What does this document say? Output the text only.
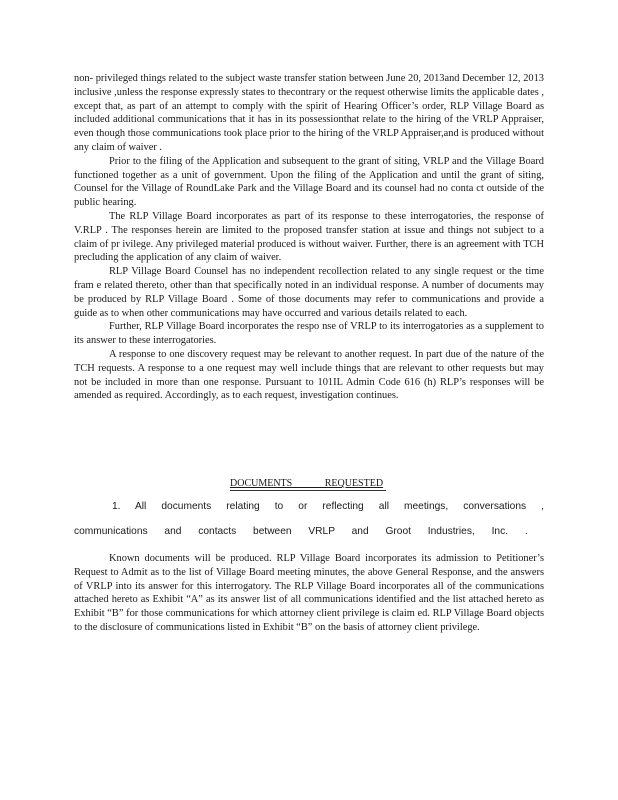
non- privileged things related to the subject waste transfer station between June 20, 2013and December 12, 2013 inclusive ,unless the response expressly states to thecontrary or the request otherwise limits the applicable dates , except that, as part of an attempt to comply with the spirit of Hearing Officer’s order, RLP Village Board as included additional communications that it has in its possessionthat relate to the hiring of the VRLP Appraiser, even though those communications took place prior to the hiring of the VRLP Appraiser,and is produced without any claim of waiver .

Prior to the filing of the Application and subsequent to the grant of siting, VRLP and the Village Board functioned together as a unit of government. Upon the filing of the Application and until the grant of siting, Counsel for the Village of RoundLake Park and the Village Board and its counsel had no conta ct outside of the public hearing.

The RLP Village Board incorporates as part of its response to these interrogatories, the response of V.RLP . The responses herein are limited to the proposed transfer station at issue and things not subject to a claim of pr ivilege. Any privileged material produced is without waiver. Further, there is an agreement with TCH precluding the application of any claim of waiver.

RLP Village Board Counsel has no independent recollection related to any single request or the time fram e related thereto, other than that specifically noted in an individual response. A number of documents may be produced by RLP Village Board . Some of those documents may refer to communications and provide a guide as to when other communications may have occurred and various details related to each.

Further, RLP Village Board incorporates the respo nse of VRLP to its interrogatories as a supplement to its answer to these interrogatories.

A response to one discovery request may be relevant to another request. In part due of the nature of the TCH requests. A response to a one request may well include things that are relevant to other requests but may not be included in more than one response. Pursuant to 101IL Admin Code 616 (h) RLP’s responses will be amended as required. Accordingly, as to each request, investigation continues.

DOCUMENTS REQUESTED
1. All documents relating to or reflecting all meetings, conversations ,
communications and contacts between VRLP and Groot Industries, Inc. .

Known documents will be produced. RLP Village Board incorporates its admission to Petitioner’s Request to Admit as to the list of Village Board meeting minutes, the above General Response, and the answers of VRLP into its answer for this interrogatory. The RLP Village Board incorporates all of the communications attached hereto as Exhibit “A” as its answer list of all communications identified and the list attached hereto as Exhibit “B” for those communications for which attorney client privilege is claim ed. RLP Village Board objects to the disclosure of communications listed in Exhibit “B” on the basis of attorney client privilege.
